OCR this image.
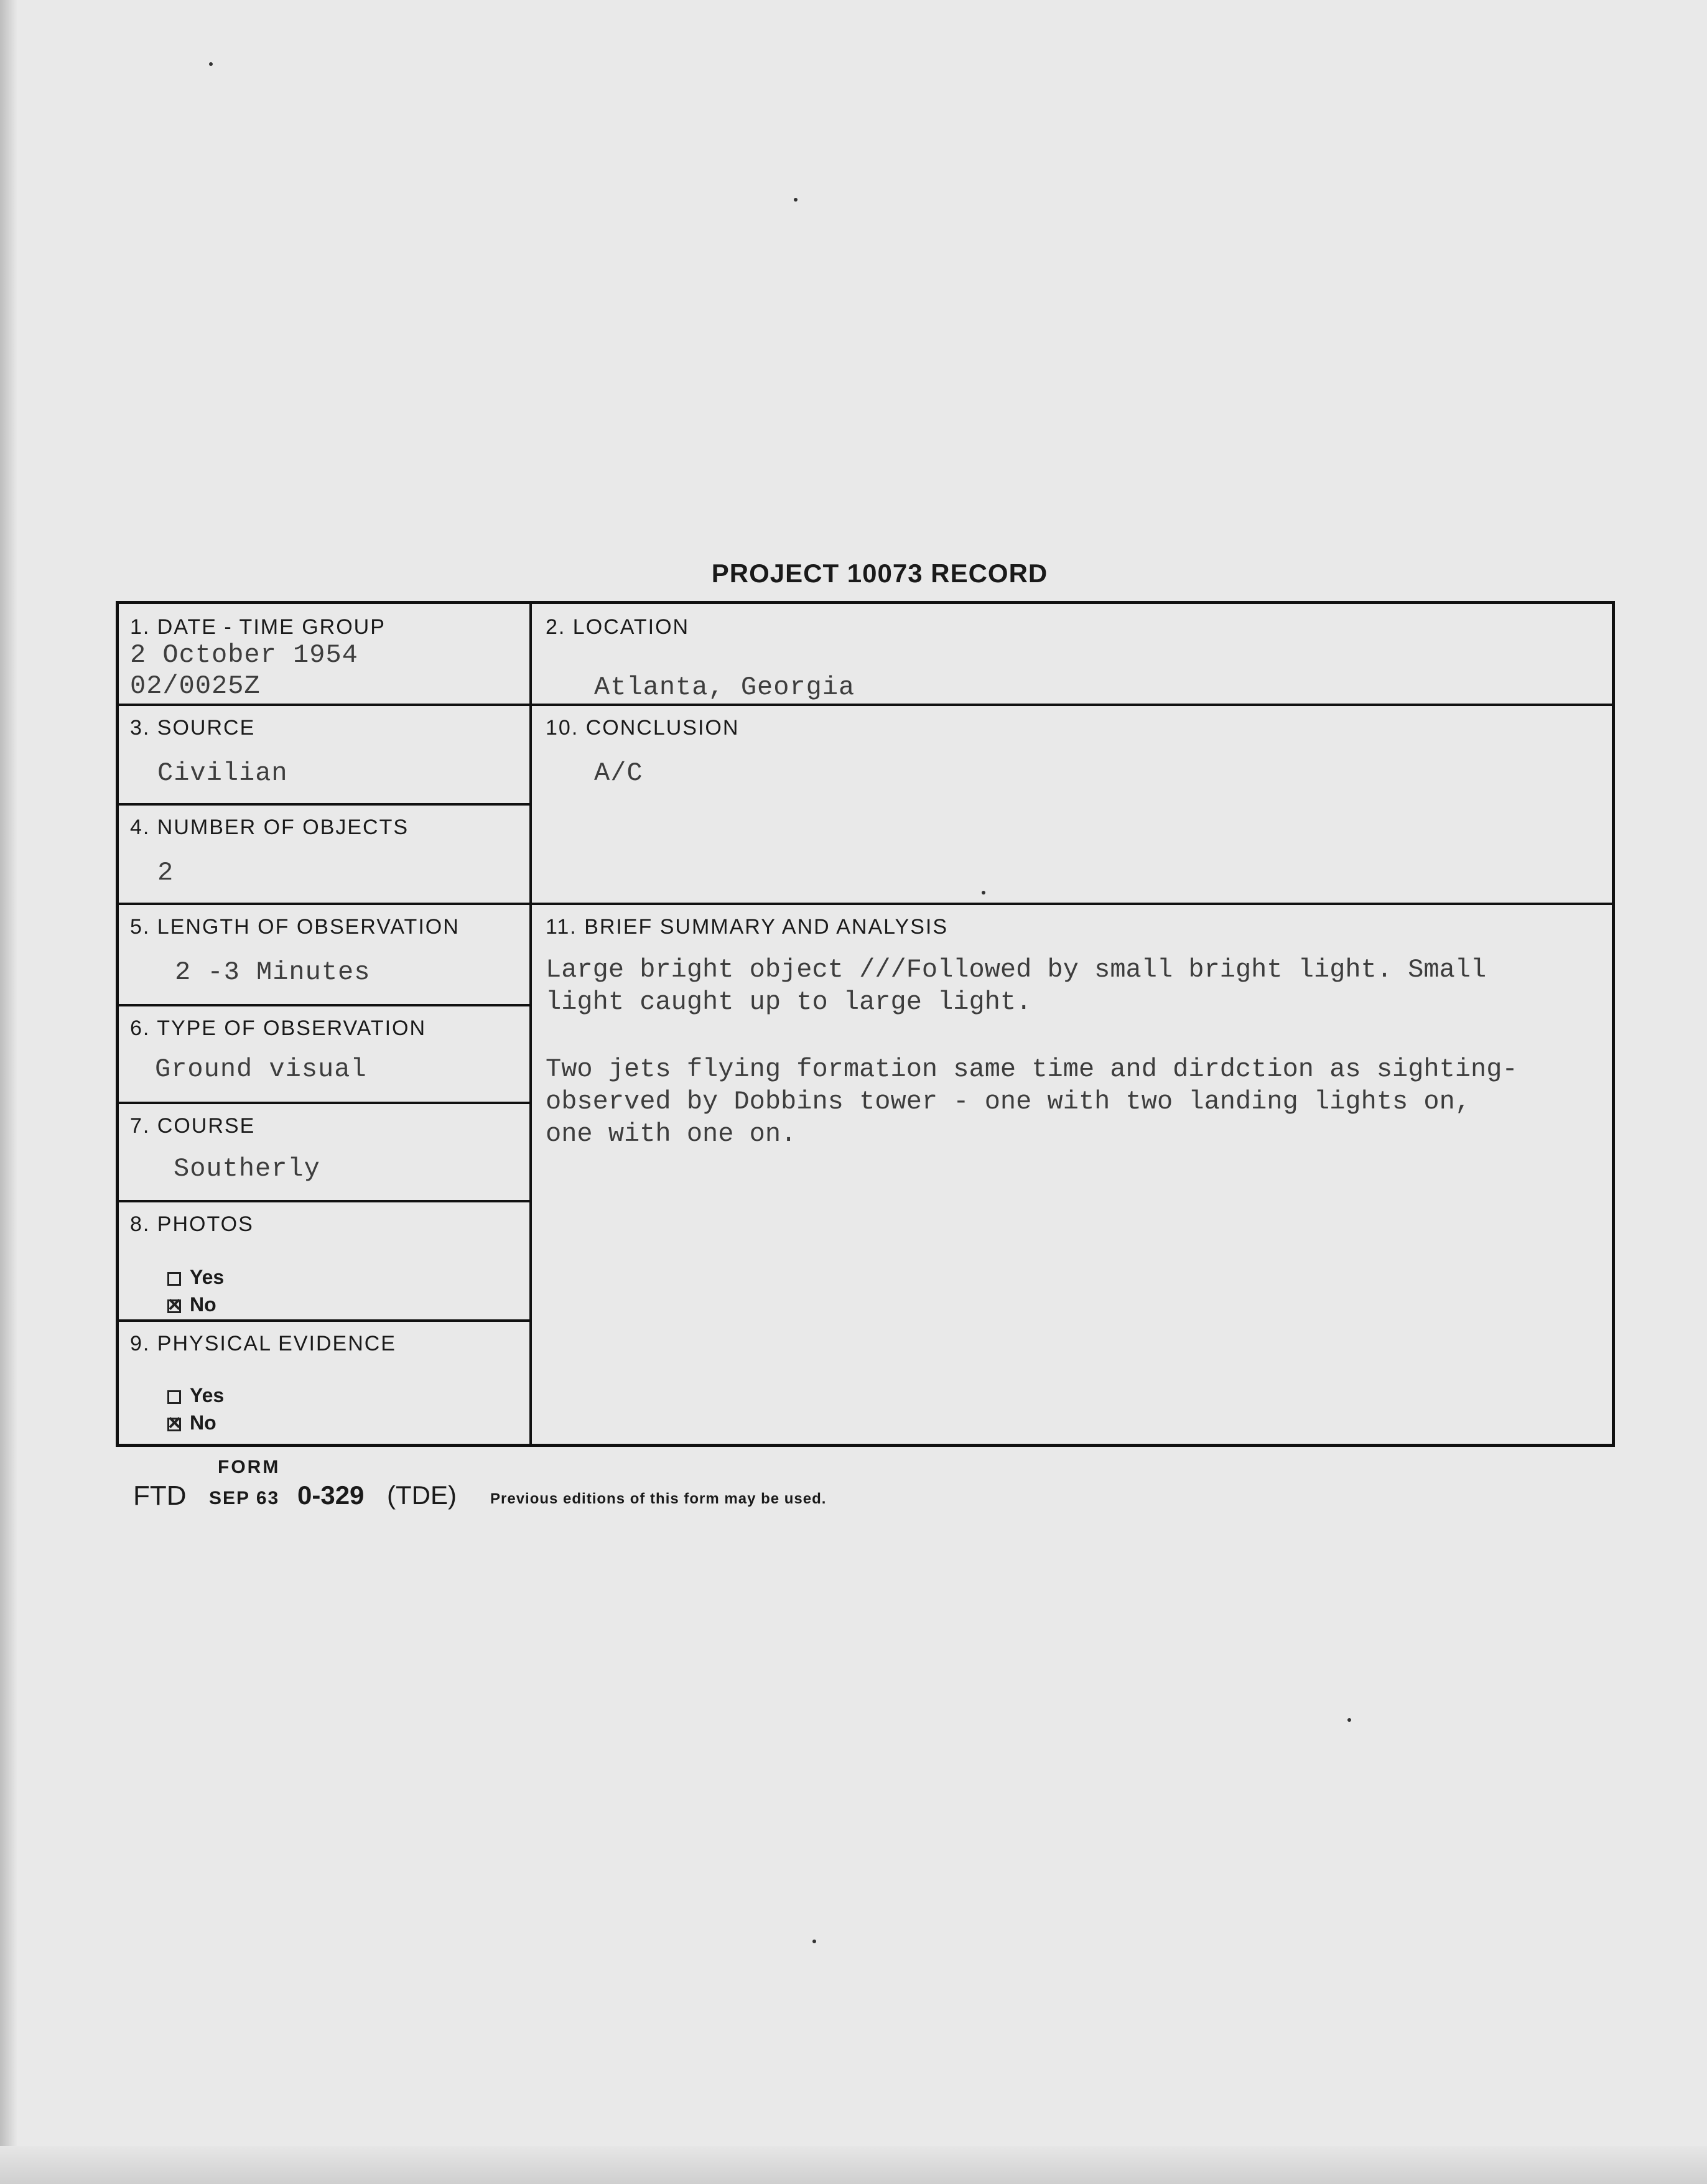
PROJECT 10073 RECORD
1. DATE - TIME GROUP
2 October 1954
02/0025Z
2. LOCATION
Atlanta, Georgia
3. SOURCE
Civilian
10. CONCLUSION
A/C
4. NUMBER OF OBJECTS
2
5. LENGTH OF OBSERVATION
2 -3 Minutes
11. BRIEF SUMMARY AND ANALYSIS
Large bright object ///Followed by small bright light. Small
light caught up to large light.
Two jets flying formation same time and dirdction as sighting-
observed by Dobbins tower - one with two landing lights on,
one with one on.
6. TYPE OF OBSERVATION
Ground visual
7. COURSE
Southerly
8. PHOTOS
Yes
×No
9. PHYSICAL EVIDENCE
Yes
×No
FORM
FTD SEP 63 0-329 (TDE) Previous editions of this form may be used.
